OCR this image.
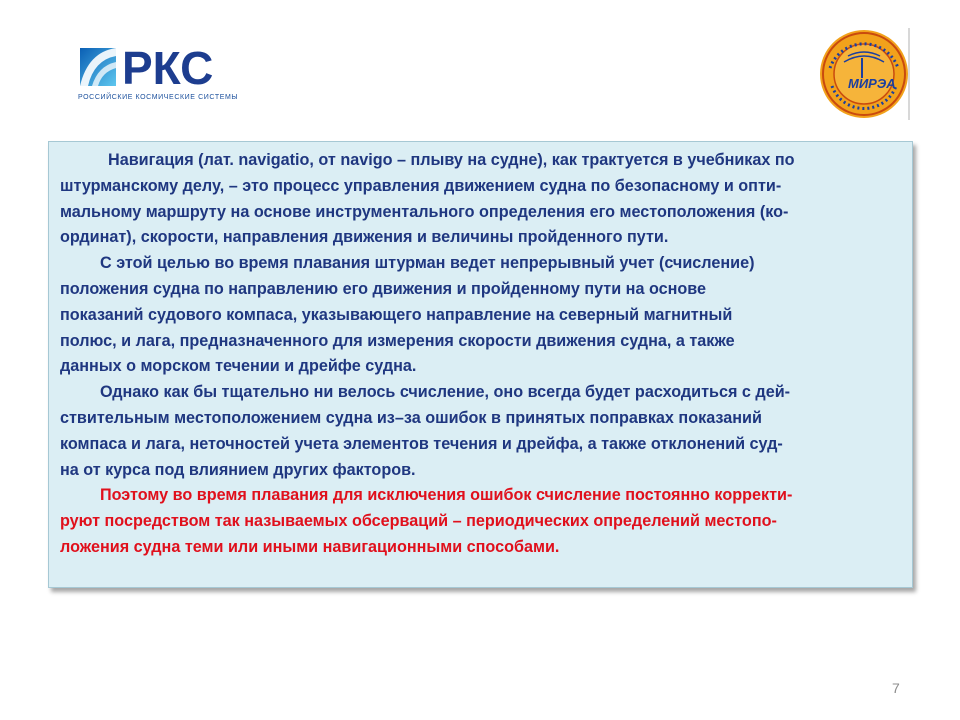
РКС
РОССИЙСКИЕ КОСМИЧЕСКИЕ СИСТЕМЫ
МИРЭА

Навигация (лат. navigatio, от navigo – плыву на судне), как трактуется в учебниках по
штурманскому делу, – это процесс управления движением судна по безопасному и опти-
мальному маршруту на основе инструментального определения его местоположения (ко-
ординат), скорости, направления движения и величины пройденного пути.

С этой целью во время плавания штурман ведет непрерывный учет (счисление)
положения судна по направлению его движения и пройденному пути на основе
показаний судового компаса, указывающего направление на северный магнитный
полюс, и лага, предназначенного для измерения скорости движения судна, а также
данных о морском течении и дрейфе судна.

Однако как бы тщательно ни велось счисление, оно всегда будет расходиться с дей-
ствительным местоположением судна из–за ошибок в принятых поправках показаний
компаса и лага, неточностей учета элементов течения и дрейфа, а также отклонений суд-
на от курса под влиянием других факторов.

Поэтому во время плавания для исключения ошибок счисление постоянно корректи-
руют посредством так называемых обсерваций – периодических определений местопо-
ложения судна теми или иными навигационными способами.

7
